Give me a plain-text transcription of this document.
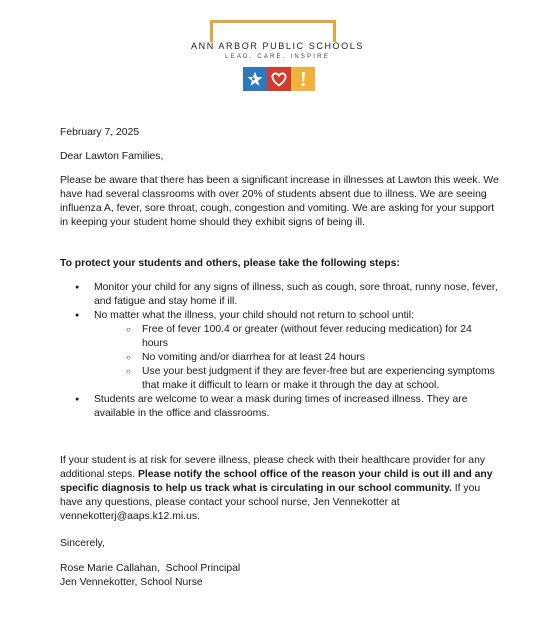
ANN ARBOR PUBLIC SCHOOLS
LEAD. CARE. INSPIRE
February 7, 2025
Dear Lawton Families,
Please be aware that there has been a significant increase in illnesses at Lawton this week. We have had several classrooms with over 20% of students absent due to illness. We are seeing influenza A, fever, sore throat, cough, congestion and vomiting. We are asking for your support in keeping your student home should they exhibit signs of being ill.
To protect your students and others, please take the following steps:
● Monitor your child for any signs of illness, such as cough, sore throat, runny nose, fever, and fatigue and stay home if ill.
● No matter what the illness, your child should not return to school until:
○ Free of fever 100.4 or greater (without fever reducing medication) for 24 hours
○ No vomiting and/or diarrhea for at least 24 hours
○ Use your best judgment if they are fever-free but are experiencing symptoms that make it difficult to learn or make it through the day at school.
● Students are welcome to wear a mask during times of increased illness. They are available in the office and classrooms.
If your student is at risk for severe illness, please check with their healthcare provider for any additional steps. Please notify the school office of the reason your child is out ill and any specific diagnosis to help us track what is circulating in our school community. If you have any questions, please contact your school nurse, Jen Vennekotter at vennekotterj@aaps.k12.mi.us.
Sincerely,
Rose Marie Callahan,  School Principal
Jen Vennekotter, School Nurse
